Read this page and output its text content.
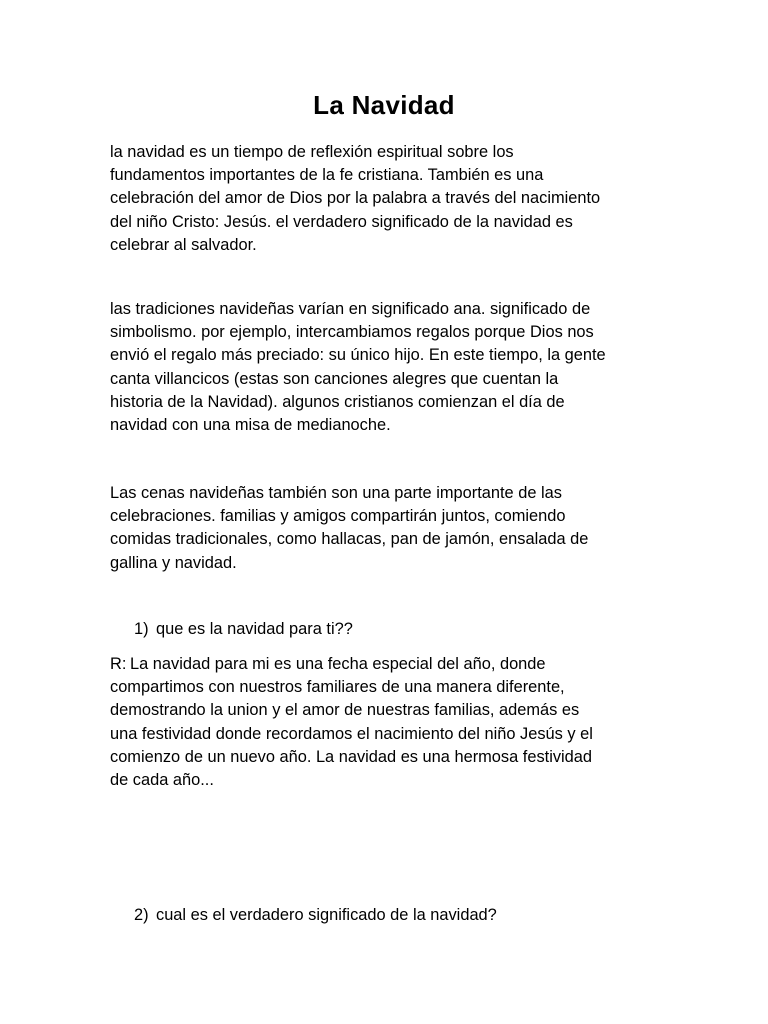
La Navidad

la navidad es un tiempo de reflexión espiritual sobre los
fundamentos importantes de la fe cristiana. También es una
celebración del amor de Dios por la palabra a través del nacimiento
del niño Cristo: Jesús. el verdadero significado de la navidad es
celebrar al salvador.

las tradiciones navideñas varían en significado ana. significado de
simbolismo. por ejemplo, intercambiamos regalos porque Dios nos
envió el regalo más preciado: su único hijo. En este tiempo, la gente
canta villancicos (estas son canciones alegres que cuentan la
historia de la Navidad). algunos cristianos comienzan el día de
navidad con una misa de medianoche.

Las cenas navideñas también son una parte importante de las
celebraciones. familias y amigos compartirán juntos, comiendo
comidas tradicionales, como hallacas, pan de jamón, ensalada de
gallina y navidad.

1) que es la navidad para ti??
R: La navidad para mi es una fecha especial del año, donde

compartimos con nuestros familiares de una manera diferente,
demostrando la union y el amor de nuestras familias, además es
una festividad donde recordamos el nacimiento del niño Jesús y el
comienzo de un nuevo año. La navidad es una hermosa festividad
de cada año...

2) cual es el verdadero significado de la navidad?
